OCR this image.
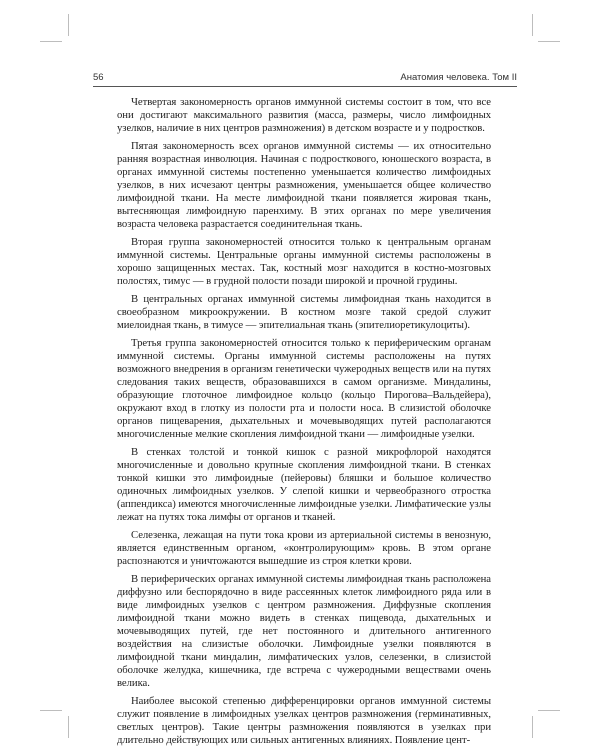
56	Анатомия человека. Том II

Четвертая закономерность органов иммунной системы состоит в том, что все они достигают максимального развития (масса, размеры, число лимфоидных узелков, наличие в них центров размножения) в детском возрасте и у подростков.

Пятая закономерность всех органов иммунной системы — их относительно ранняя возрастная инволюция. Начиная с подросткового, юношеского возраста, в органах иммунной системы постепенно уменьшается количество лимфоидных узелков, в них исчезают центры размножения, уменьшается общее количество лимфоидной ткани. На месте лимфоидной ткани появляется жировая ткань, вытесняющая лимфоидную паренхиму. В этих органах по мере увеличения возраста человека разрастается соединительная ткань.

Вторая группа закономерностей относится только к центральным органам иммунной системы. Центральные органы иммунной системы расположены в хорошо защищенных местах. Так, костный мозг находится в костно-мозговых полостях, тимус — в грудной полости позади широкой и прочной грудины.

В центральных органах иммунной системы лимфоидная ткань находится в своеобразном микроокружении. В костном мозге такой средой служит миелоидная ткань, в тимусе — эпителиальная ткань (эпителиоретикулоциты).

Третья группа закономерностей относится только к периферическим органам иммунной системы. Органы иммунной системы расположены на путях возможного внедрения в организм генетически чужеродных веществ или на путях следования таких веществ, образовавшихся в самом организме. Миндалины, образующие глоточное лимфоидное кольцо (кольцо Пирогова–Вальдейера), окружают вход в глотку из полости рта и полости носа. В слизистой оболочке органов пищеварения, дыхательных и мочевыводящих путей располагаются многочисленные мелкие скопления лимфоидной ткани — лимфоидные узелки.

В стенках толстой и тонкой кишок с разной микрофлорой находятся многочисленные и довольно крупные скопления лимфоидной ткани. В стенках тонкой кишки это лимфоидные (пейеровы) бляшки и большое количество одиночных лимфоидных узелков. У слепой кишки и червеобразного отростка (аппендикса) имеются многочисленные лимфоидные узелки. Лимфатические узлы лежат на путях тока лимфы от органов и тканей.

Селезенка, лежащая на пути тока крови из артериальной системы в венозную, является единственным органом, «контролирующим» кровь. В этом органе распознаются и уничтожаются вышедшие из строя клетки крови.

В периферических органах иммунной системы лимфоидная ткань расположена диффузно или беспорядочно в виде рассеянных клеток лимфоидного ряда или в виде лимфоидных узелков с центром размножения. Диффузные скопления лимфоидной ткани можно видеть в стенках пищевода, дыхательных и мочевыводящих путей, где нет постоянного и длительного антигенного воздействия на слизистые оболочки. Лимфоидные узелки появляются в лимфоидной ткани миндалин, лимфатических узлов, селезенки, в слизистой оболочке желудка, кишечника, где встреча с чужеродными веществами очень велика.

Наиболее высокой степенью дифференцировки органов иммунной системы служит появление в лимфоидных узелках центров размножения (герминативных, светлых центров). Такие центры размножения появляются в узелках при длительно действующих или сильных антигенных влияниях. Появление цент-
